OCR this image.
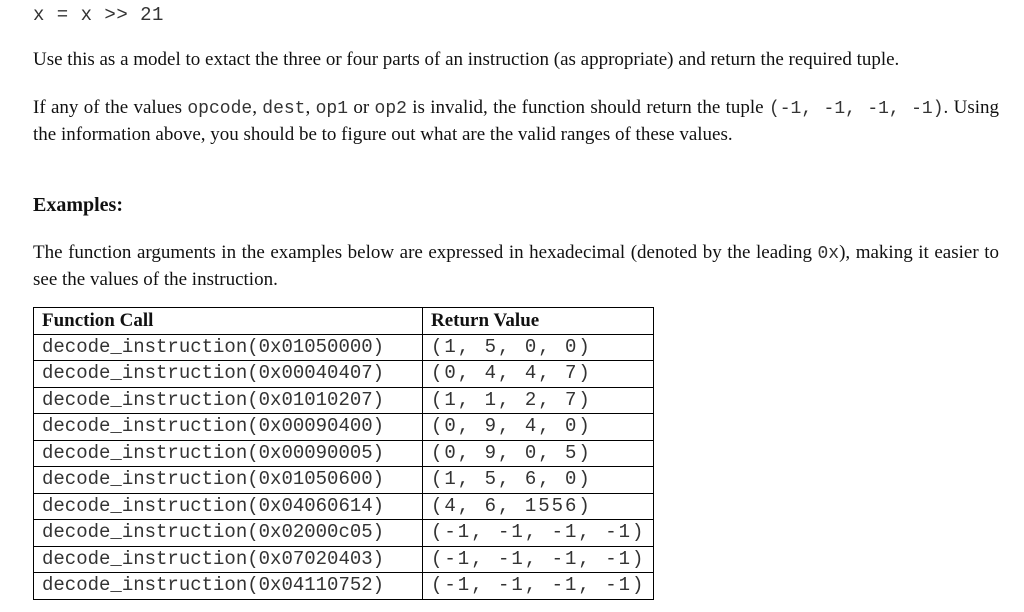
x = x >> 21
Use this as a model to extact the three or four parts of an instruction (as appropriate) and return the required tuple.
If any of the values opcode, dest, op1 or op2 is invalid, the function should return the tuple (-1, -1, -1, -1). Using the information above, you should be to figure out what are the valid ranges of these values.
Examples:
The function arguments in the examples below are expressed in hexadecimal (denoted by the leading 0x), making it easier to see the values of the instruction.
Function Call	Return Value
decode_instruction(0x01050000)	(1, 5, 0, 0)
decode_instruction(0x00040407)	(0, 4, 4, 7)
decode_instruction(0x01010207)	(1, 1, 2, 7)
decode_instruction(0x00090400)	(0, 9, 4, 0)
decode_instruction(0x00090005)	(0, 9, 0, 5)
decode_instruction(0x01050600)	(1, 5, 6, 0)
decode_instruction(0x04060614)	(4, 6, 1556)
decode_instruction(0x02000c05)	(-1, -1, -1, -1)
decode_instruction(0x07020403)	(-1, -1, -1, -1)
decode_instruction(0x04110752)	(-1, -1, -1, -1)
